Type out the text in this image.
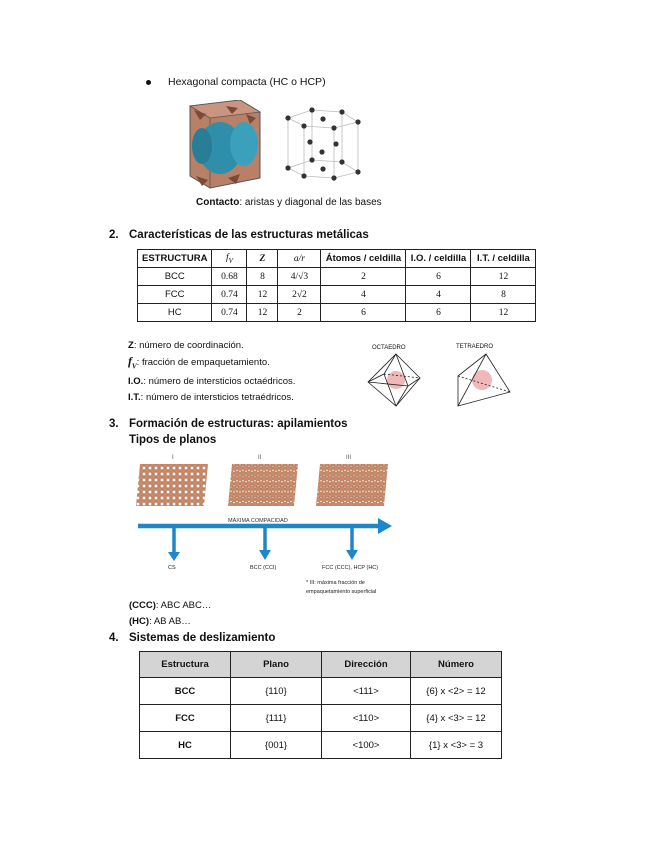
Hexagonal compacta (HC o HCP)
Contacto: aristas y diagonal de las bases
2. Características de las estructuras metálicas
ESTRUCTURA	$f_V$	Z	a/r	Átomos / celdilla	I.O. / celdilla	I.T. / celdilla
BCC	0.68	8	4/√3	2	6	12
FCC	0.74	12	2√2	4	4	8
HC	0.74	12	2	6	6	12
Z: número de coordinación.
$f_V$: fracción de empaquetamiento.
I.O.: número de intersticios octaédricos.
I.T.: número de intersticios tetraédricos.
OCTAEDRO	TETRAEDRO
3. Formación de estructuras: apilamientos
Tipos de planos
I	II	III
MÁXIMA COMPACIDAD
CS	BCC (CCI)	FCC (CCC), HCP (HC)
* III: máxima fracción de
empaquetamiento superficial
(CCC): ABC ABC…
(HC): AB AB…
4. Sistemas de deslizamiento
Estructura	Plano	Dirección	Número
BCC	{110}	<111>	{6} x <2> = 12
FCC	{111}	<110>	{4} x <3> = 12
HC	{001}	<100>	{1} x <3> = 3
